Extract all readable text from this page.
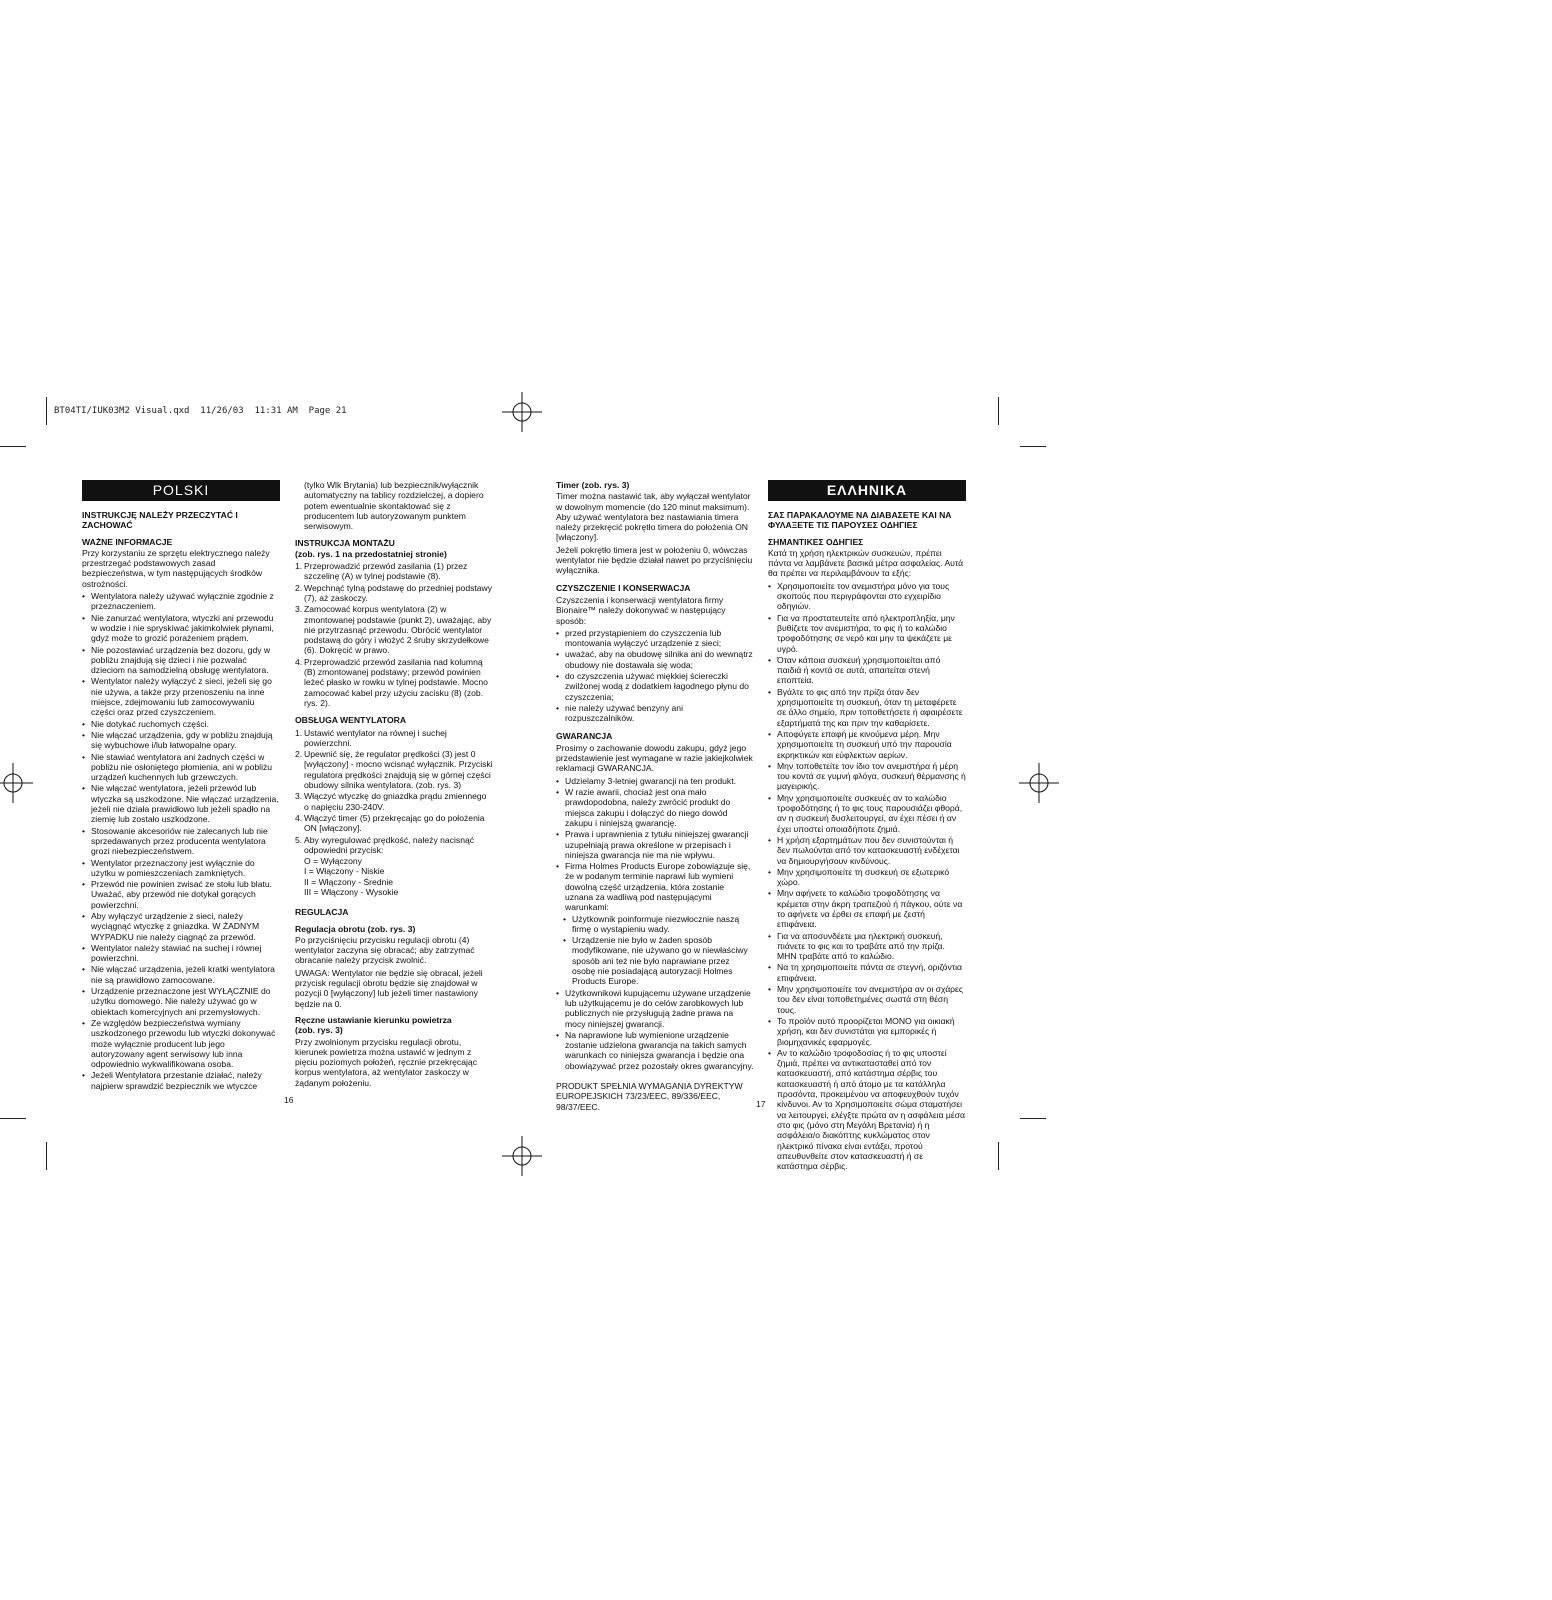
BT04TI/IUK03M2 Visual.qxd  11/26/03  11:31 AM  Page 21
POLSKI
INSTRUKCJĘ NALEŻY PRZECZYTAĆ I ZACHOWAĆ
WAŻNE INFORMACJE

Przy korzystaniu ze sprzętu elektrycznego należy przestrzegać podstawowych zasad bezpieczeństwa, w tym następujących środków ostrożności.

• Wentylatora należy używać wyłącznie zgodnie z przeznaczeniem.
• Nie zanurzać wentylatora, wtyczki ani przewodu w wodzie i nie spryskiwać jakimkolwiek płynami, gdyż może to grozić porażeniem prądem.
• Nie pozostawiać urządzenia bez dozoru, gdy w pobliżu znajdują się dzieci i nie pozwalać dzieciom na samodzielną obsługę wentylatora.
• Wentylator należy wyłączyć z sieci, jeżeli się go nie używa, a także przy przenoszeniu na inne miejsce, zdejmowaniu lub zamocowywaniu części oraz przed czyszczeniem.
• Nie dotykać ruchomych części.
• Nie włączać urządzenia, gdy w pobliżu znajdują się wybuchowe i/lub łatwopalne opary.
• Nie stawiać wentylatora ani żadnych części w pobliżu nie osłoniętego płomienia, ani w pobliżu urządzeń kuchennych lub grzewczych.
• Nie włączać wentylatora, jeżeli przewód lub wtyczka są uszkodzone. Nie włączać urządzenia, jeżeli nie działa prawidłowo lub jeżeli spadło na ziemię lub zostało uszkodzone.
• Stosowanie akcesoriów nie zalecanych lub nie sprzedawanych przez producenta wentylatora grozi niebezpieczeństwem.
• Wentylator przeznaczony jest wyłącznie do użytku w pomieszczeniach zamkniętych.
• Przewód nie powinien zwisać ze stołu lub blatu. Uważać, aby przewód nie dotykał gorących powierzchni.
• Aby wyłączyć urządzenie z sieci, należy wyciągnąć wtyczkę z gniazdka. W ŻADNYM WYPADKU nie należy ciągnąć za przewód.
• Wentylator należy stawiać na suchej i równej powierzchni.
• Nie włączać urządzenia, jeżeli kratki wentylatora nie są prawidłowo zamocowane.
• Urządzenie przeznaczone jest WYŁĄCZNIE do użytku domowego. Nie należy używać go w obiektach komercyjnych ani przemysłowych.
• Ze względów bezpieczeństwa wymiany uszkodzonego przewodu lub wtyczki dokonywać może wyłącznie producent lub jego autoryzowany agent serwisowy lub inna odpowiednio wykwalifikowana osoba.
• Jeżeli Wentylatora przestanie działać, należy najpierw sprawdzić bezpiecznik we wtyczce

(tylko Wlk Brytania) lub bezpiecznik/wyłącznik automatyczny na tablicy rozdzielczej, a dopiero potem ewentualnie skontaktować się z producentem lub autoryzowanym punktem serwisowym.

INSTRUKCJA MONTAŻU
(zob. rys. 1 na przedostatniej stronie)
1. Przeprowadzić przewód zasilania (1) przez szczelinę (A) w tylnej podstawie (8).
2. Wepchnąć tylną podstawę do przedniej podstawy (7), aż zaskoczy.
3. Zamocować korpus wentylatora (2) w zmontowanej podstawie (punkt 2), uważając, aby nie przytrzasnąć przewodu. Obrócić wentylator podstawą do góry i włożyć 2 śruby skrzydełkowe (6). Dokręcić w prawo.
4. Przeprowadzić przewód zasilania nad kolumną (B) zmontowanej podstawy; przewód powinien leżeć płasko w rowku w tylnej podstawie. Mocno zamocować kabel przy użyciu zacisku (8) (zob. rys. 2).
OBSŁUGA WENTYLATORA
1. Ustawić wentylator na równej i suchej powierzchni.
2. Upewnić się, że regulator prędkości (3) jest 0 [wyłączony] - mocno wcisnąć wyłącznik. Przyciski regulatora prędkości znajdują się w górnej części obudowy silnika wentylatora. (zob. rys. 3)
3. Włączyć wtyczkę do gniazdka prądu zmiennego o napięciu 230-240V.
4. Włączyć timer (5) przekręcając go do położenia ON [włączony].
5. Aby wyregulować prędkość, należy nacisnąć odpowiedni przycisk:
O = Wyłączony
I = Włączony - Niskie
II = Włączony - Średnie
III = Włączony - Wysokie
REGULACJA
Regulacja obrotu (zob. rys. 3)

Po przyciśnięciu przycisku regulacji obrotu (4) wentylator zaczyna się obracać; aby zatrzymać obracanie należy przycisk zwolnić.

UWAGA: Wentylator nie będzie się obracał, jeżeli przycisk regulacji obrotu będzie się znajdował w pozycji 0 [wyłączony] lub jeżeli timer nastawiony będzie na 0.

Ręczne ustawianie kierunku powietrza
(zob. rys. 3)

Przy zwolnionym przycisku regulacji obrotu, kierunek powietrza można ustawić w jednym z pięciu poziomych położeń, ręcznie przekręcając korpus wentylatora, aż wentylator zaskoczy w żądanym położeniu.

Timer (zob. rys. 3)

Timer można nastawić tak, aby wyłączał wentylator w dowolnym momencie (do 120 minut maksimum). Aby używać wentylatora bez nastawiania timera należy przekręcić pokrętło timera do położenia ON [włączony].

Jeżeli pokrętło timera jest w położeniu 0, wówczas wentylator nie będzie działał nawet po przyciśnięciu wyłącznika.

CZYSZCZENIE I KONSERWACJA

Czyszczenia i konserwacji wentylatora firmy Bionaire™ należy dokonywać w następujący sposób:

• przed przystąpieniem do czyszczenia lub montowania wyłączyć urządzenie z sieci;
• uważać, aby na obudowę silnika ani do wewnątrz obudowy nie dostawała się woda;
• do czyszczenia używać miękkiej ściereczki zwilżonej wodą z dodatkiem łagodnego płynu do czyszczenia;
• nie należy używać benzyny ani rozpuszczalników.
GWARANCJA

Prosimy o zachowanie dowodu zakupu, gdyż jego przedstawienie jest wymagane w razie jakiejkolwiek reklamacji GWARANCJA.

• Udzielamy 3-letniej gwarancji na ten produkt.
• W razie awarii, chociaż jest ona mało prawdopodobna, należy zwrócić produkt do miejsca zakupu i dołączyć do niego dowód zakupu i niniejszą gwarancję.
• Prawa i uprawnienia z tytułu niniejszej gwarancji uzupełniają prawa określone w przepisach i niniejsza gwarancja nie ma nie wpływu.
• Firma Holmes Products Europe zobowiązuje się, że w podanym terminie naprawi lub wymieni dowolną część urządzenia, która zostanie uznana za wadliwą pod następującymi warunkami:
• Użytkownik poinformuje niezwłocznie naszą firmę o wystąpieniu wady.
• Urządzenie nie było w żaden sposób modyfikowane, nie używano go w niewłaściwy sposób ani też nie było naprawiane przez osobę nie posiadającą autoryzacji Holmes Products Europe.
• Użytkownikowi kupującemu używane urządzenie lub użytkującemu je do celów zarobkowych lub publicznych nie przysługują żadne prawa na mocy niniejszej gwarancji.
• Na naprawione lub wymienione urządzenie zostanie udzielona gwarancja na takich samych warunkach co niniejsza gwarancja i będzie ona obowiązywać przez pozostały okres gwarancyjny.

PRODUKT SPEŁNIA WYMAGANIA DYREKTYW EUROPEJSKICH 73/23/EEC, 89/336/EEC, 98/37/EEC.

ΕΛΛΗΝΙΚΑ
ΣΑΣ ΠΑΡΑΚΑΛΟΥΜΕ ΝΑ ΔΙΑΒΑΣΕΤΕ ΚΑΙ ΝΑ ΦΥΛΑΞΕΤΕ ΤΙΣ ΠΑΡΟΥΣΕΣ ΟΔΗΓΙΕΣ
ΣΗΜΑΝΤΙΚΕΣ ΟΔΗΓΙΕΣ

Κατά τη χρήση ηλεκτρικών συσκευών, πρέπει πάντα να λαμβάνετε βασικά μέτρα ασφαλείας. Αυτά θα πρέπει να περιλαμβάνουν τα εξής:

• Χρησιμοποιείτε τον ανεμιστήρα μόνο για τους σκοπούς που περιγράφονται στο εγχειρίδιο οδηγιών.
• Για να προστατευτείτε από ηλεκτροπληξία, μην βυθίζετε τον ανεμιστήρα, το φις ή το καλώδιο τροφοδότησης σε νερό και μην τα ψεκάζετε με υγρό.
• Όταν κάποια συσκευή χρησιμοποιείται από παιδιά ή κοντά σε αυτά, απαιτείται στενή εποπτεία.
• Βγάλτε το φις από την πρίζα όταν δεν χρησιμοποιείτε τη συσκευή, όταν τη μεταφέρετε σε άλλο σημείο, πριν τοποθετήσετε ή αφαιρέσετε εξαρτήματά της και πριν την καθαρίσετε.
• Αποφύγετε επαφή με κινούμενα μέρη. Μην χρησιμοποιείτε τη συσκευή υπό την παρουσία εκρηκτικών και εύφλεκτων αερίων.
• Μην τοποθετείτε τον ίδιο τον ανεμιστήρα ή μέρη του κοντά σε γυμνή φλόγα, συσκευή θέρμανσης ή μαγειρικής.
• Μην χρησιμοποιείτε συσκευές αν το καλώδιο τροφοδότησης ή το φις τους παρουσιάζει φθορά, αν η συσκευή δυσλειτουργεί, αν έχει πέσει ή αν έχει υποστεί οποιαδήποτε ζημιά.
• Η χρήση εξαρτημάτων που δεν συνιστούνται ή δεν πωλούνται από τον κατασκευαστή ενδέχεται να δημιουργήσουν κινδύνους.
• Μην χρησιμοποιείτε τη συσκευή σε εξωτερικό χώρο.
• Μην αφήνετε το καλώδιο τροφοδότησης να κρέμεται στην άκρη τραπεζιού ή πάγκου, ούτε να το αφήνετε να έρθει σε επαφή με ζεστή επιφάνεια.
• Για να αποσυνδέετε μια ηλεκτρική συσκευή, πιάνετε το φις και το τραβάτε από την πρίζα. ΜΗΝ τραβάτε από το καλώδιο.
• Να τη χρησιμοποιείτε πάντα σε στεγνή, οριζόντια επιφάνεια.
• Μην χρησιμοποιείτε τον ανεμιστήρα αν οι σχάρες του δεν είναι τοποθετημένες σωστά στη θέση τους.
• Το προϊόν αυτό προορίζεται ΜΟΝΟ για οικιακή χρήση, και δεν συνιστάται για εμπορικές ή βιομηχανικές εφαρμογές.
• Αν το καλώδιο τροφοδοσίας ή το φις υποστεί ζημιά, πρέπει να αντικατασταθεί από τον κατασκευαστή, από κατάστημα σέρβις του κατασκευαστή ή από άτομο με τα κατάλληλα προσόντα, προκειμένου να αποφευχθούν τυχόν κίνδυνοι. Αν το Χρησιμοποιείτε σώμα σταματήσει να λειτουργεί, ελέγξτε πρώτα αν η ασφάλεια μέσα στο φις (μόνο στη Μεγάλη Βρετανία) ή η ασφάλεια/ο διακόπτης κυκλώματος στον ηλεκτρικό πίνακα είναι εντάξει, προτού απευθυνθείτε στον κατασκευαστή ή σε κατάστημα σέρβις.
16	17
